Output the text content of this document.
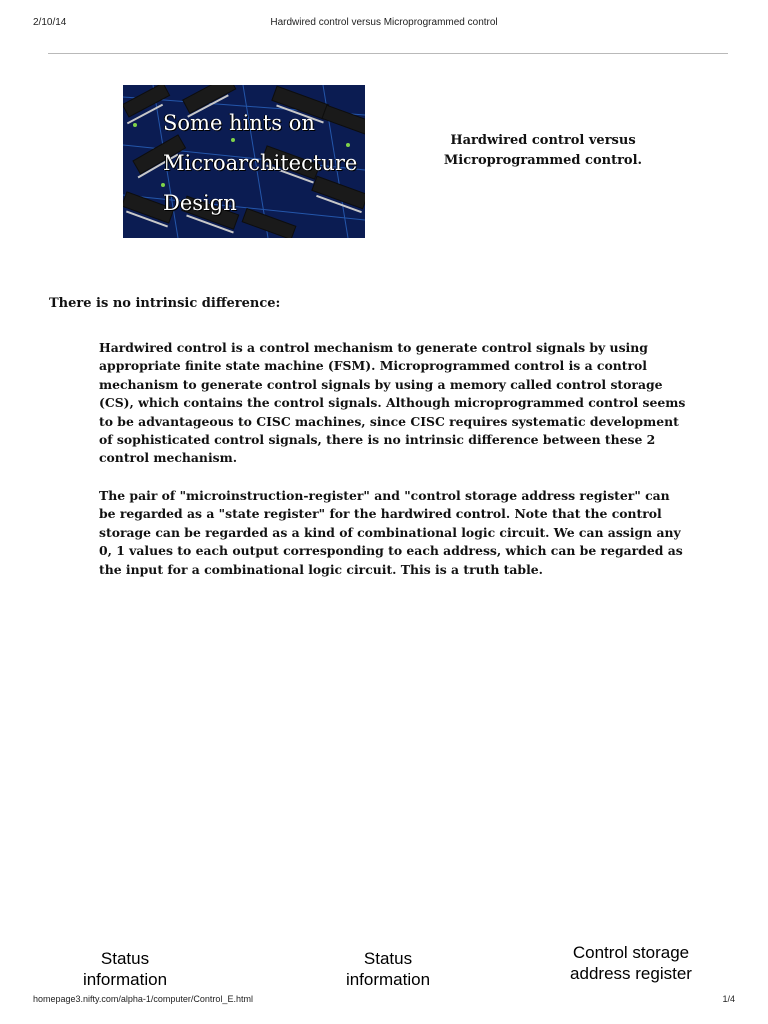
2/10/14	Hardwired control versus Microprogrammed control
Some hints on
Microarchitecture
Design
Hardwired control versus
Microprogrammed control.
There is no intrinsic difference:

Hardwired control is a control mechanism to generate control signals by using appropriate finite state machine (FSM). Microprogrammed control is a control mechanism to generate control signals by using a memory called control storage (CS), which contains the control signals. Although microprogrammed control seems to be advantageous to CISC machines, since CISC requires systematic development of sophisticated control signals, there is no intrinsic difference between these 2 control mechanism.

The pair of "microinstruction-register" and "control storage address register" can be regarded as a "state register" for the hardwired control. Note that the control storage can be regarded as a kind of combinational logic circuit. We can assign any 0, 1 values to each output corresponding to each address, which can be regarded as the input for a combinational logic circuit. This is a truth table.

Status
information
Status
information
Control storage
address register
homepage3.nifty.com/alpha-1/computer/Control_E.html	1/4
